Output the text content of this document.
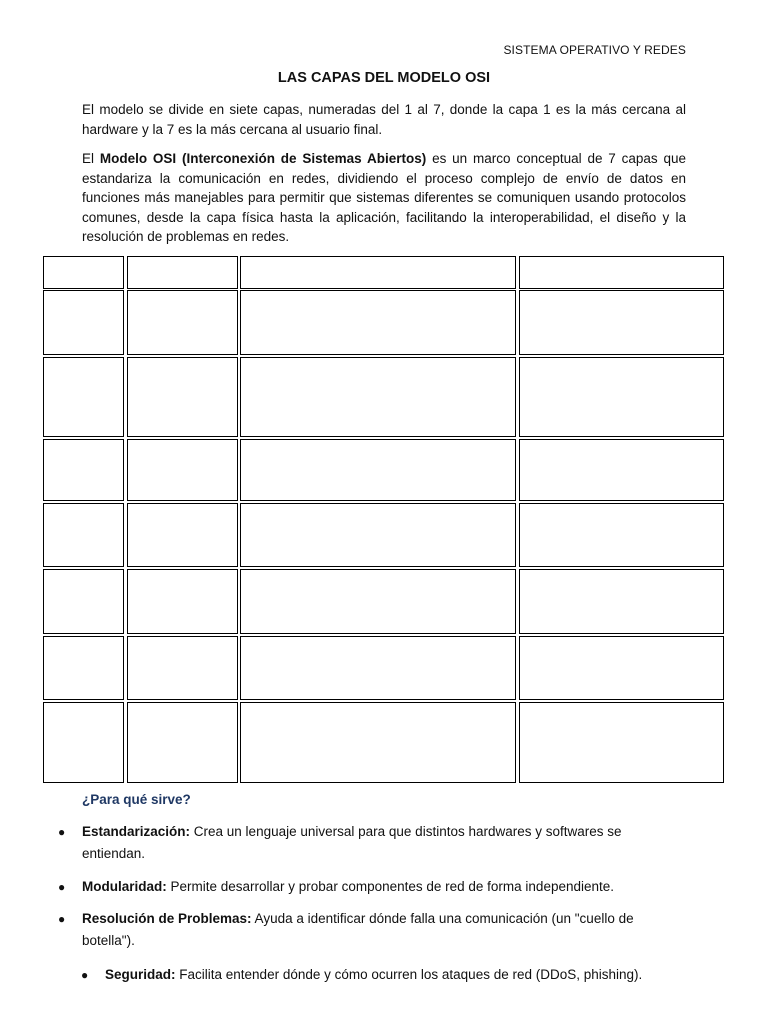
SISTEMA OPERATIVO Y REDES
LAS CAPAS DEL MODELO OSI

El modelo se divide en siete capas, numeradas del 1 al 7, donde la capa 1 es la más cercana al hardware y la 7 es la más cercana al usuario final.

El Modelo OSI (Interconexión de Sistemas Abiertos) es un marco conceptual de 7 capas que estandariza la comunicación en redes, dividiendo el proceso complejo de envío de datos en funciones más manejables para permitir que sistemas diferentes se comuniquen usando protocolos comunes, desde la capa física hasta la aplicación, facilitando la interoperabilidad, el diseño y la resolución de problemas en redes.

¿Para qué sirve?

● Estandarización: Crea un lenguaje universal para que distintos hardwares y softwares se entiendan.

● Modularidad: Permite desarrollar y probar componentes de red de forma independiente.

● Resolución de Problemas: Ayuda a identificar dónde falla una comunicación (un "cuello de botella").

● Seguridad: Facilita entender dónde y cómo ocurren los ataques de red (DDoS, phishing).
